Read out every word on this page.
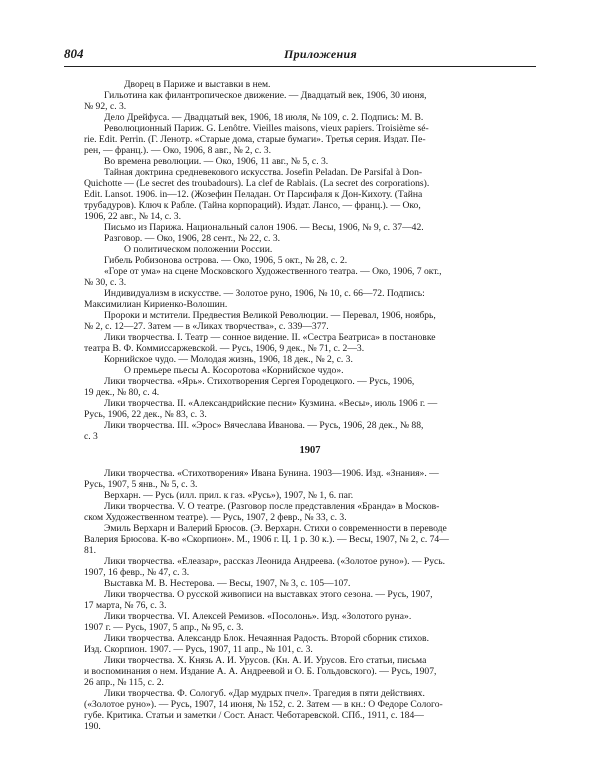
804	Приложения
Дворец в Париже и выставки в нем.
Гильотина как филантропическое движение. — Двадцатый век, 1906, 30 июня,
№ 92, с. 3.
Дело Дрейфуса. — Двадцатый век, 1906, 18 июля, № 109, с. 2. Подпись: М. В.
Революционный Париж. G. Lenôtre. Vieilles maisons, vieux papiers. Troisième sé-
rie. Edit. Perrin. (Г. Ленотр. «Старые дома, старые бумаги». Третья серия. Издат. Пе-
рен, — франц.). — Око, 1906, 8 авг., № 2, с. 3.
Во времена революции. — Око, 1906, 11 авг., № 5, с. 3.
Тайная доктрина средневекового искусства. Josefin Peladan. De Parsifal à Don-
Quichotte — (Le secret des troubadours). La clef de Rablais. (La secret des corporations).
Edit. Lansot. 1906. in—12. (Жозефин Пеладан. От Парсифаля к Дон-Кихоту. (Тайна
трубадуров). Ключ к Рабле. (Тайна корпораций). Издат. Лансо, — франц.). — Око,
1906, 22 авг., № 14, с. 3.
Письмо из Парижа. Национальный салон 1906. — Весы, 1906, № 9, с. 37—42.
Разговор. — Око, 1906, 28 сент., № 22, с. 3.
О политическом положении России.
Гибель Робизоновa острова. — Око, 1906, 5 окт., № 28, с. 2.
«Горе от ума» на сцене Московского Художественного театра. — Око, 1906, 7 окт.,
№ 30, с. 3.
Индивидуализм в искусстве. — Золотое руно, 1906, № 10, с. 66—72. Подпись:
Максимилиан Кириенко-Волошин.
Пророки и мстители. Предвестия Великой Революции. — Перевал, 1906, ноябрь,
№ 2, с. 12—27. Затем — в «Ликах творчества», с. 339—377.
Лики творчества. I. Театр — сонное видение. II. «Сестра Беатриса» в постановке
театра В. Ф. Коммиссаржевской. — Русь, 1906, 9 дек., № 71, с. 2—3.
Корнийское чудо. — Молодая жизнь, 1906, 18 дек., № 2, с. 3.
О премьере пьесы А. Косоротова «Корнийское чудо».
Лики творчества. «Ярь». Стихотворения Сергея Городецкого. — Русь, 1906,
19 дек., № 80, с. 4.
Лики творчества. II. «Александрийские песни» Кузмина. «Весы», июль 1906 г. —
Русь, 1906, 22 дек., № 83, с. 3.
Лики творчества. III. «Эрос» Вячеслава Иванова. — Русь, 1906, 28 дек., № 88,
с. 3
1907
Лики творчества. «Стихотворения» Ивана Бунина. 1903—1906. Изд. «Знания». —
Русь, 1907, 5 янв., № 5, с. 3.
Верхарн. — Русь (илл. прил. к газ. «Русь»), 1907, № 1, 6. паг.
Лики творчества. V. О театре. (Разговор после представления «Бранда» в Москов-
ском Художественном театре). — Русь, 1907, 2 февр., № 33, с. 3.
Эмиль Верхарн и Валерий Брюсов. (Э. Верхарн. Стихи о современности в переводе
Валерия Брюсова. К-во «Скорпион». М., 1906 г. Ц. 1 р. 30 к.). — Весы, 1907, № 2, с. 74—
81.
Лики творчества. «Елеазар», рассказ Леонида Андреева. («Золотое руно»). — Русь.
1907, 16 февр., № 47, с. 3.
Выставка М. В. Нестерова. — Весы, 1907, № 3, с. 105—107.
Лики творчества. О русской живописи на выставках этого сезона. — Русь, 1907,
17 марта, № 76, с. 3.
Лики творчества. VI. Алексей Ремизов. «Посолонь». Изд. «Золотого руна».
1907 г. — Русь, 1907, 5 апр., № 95, с. 3.
Лики творчества. Александр Блок. Нечаянная Радость. Второй сборник стихов.
Изд. Скорпион. 1907. — Русь, 1907, 11 апр., № 101, с. 3.
Лики творчества. X. Князь А. И. Урусов. (Кн. А. И. Урусов. Его статьи, письма
и воспоминания о нем. Издание А. А. Андреевой и О. Б. Гольдовского). — Русь, 1907,
26 апр., № 115, с. 2.
Лики творчества. Ф. Сологуб. «Дар мудрых пчел». Трагедия в пяти действиях.
(«Золотое руно»). — Русь, 1907, 14 июня, № 152, с. 2. Затем — в кн.: О Федоре Солого-
губе. Критика. Статьи и заметки / Сост. Анаст. Чеботаревской. СПб., 1911, с. 184—
190.
